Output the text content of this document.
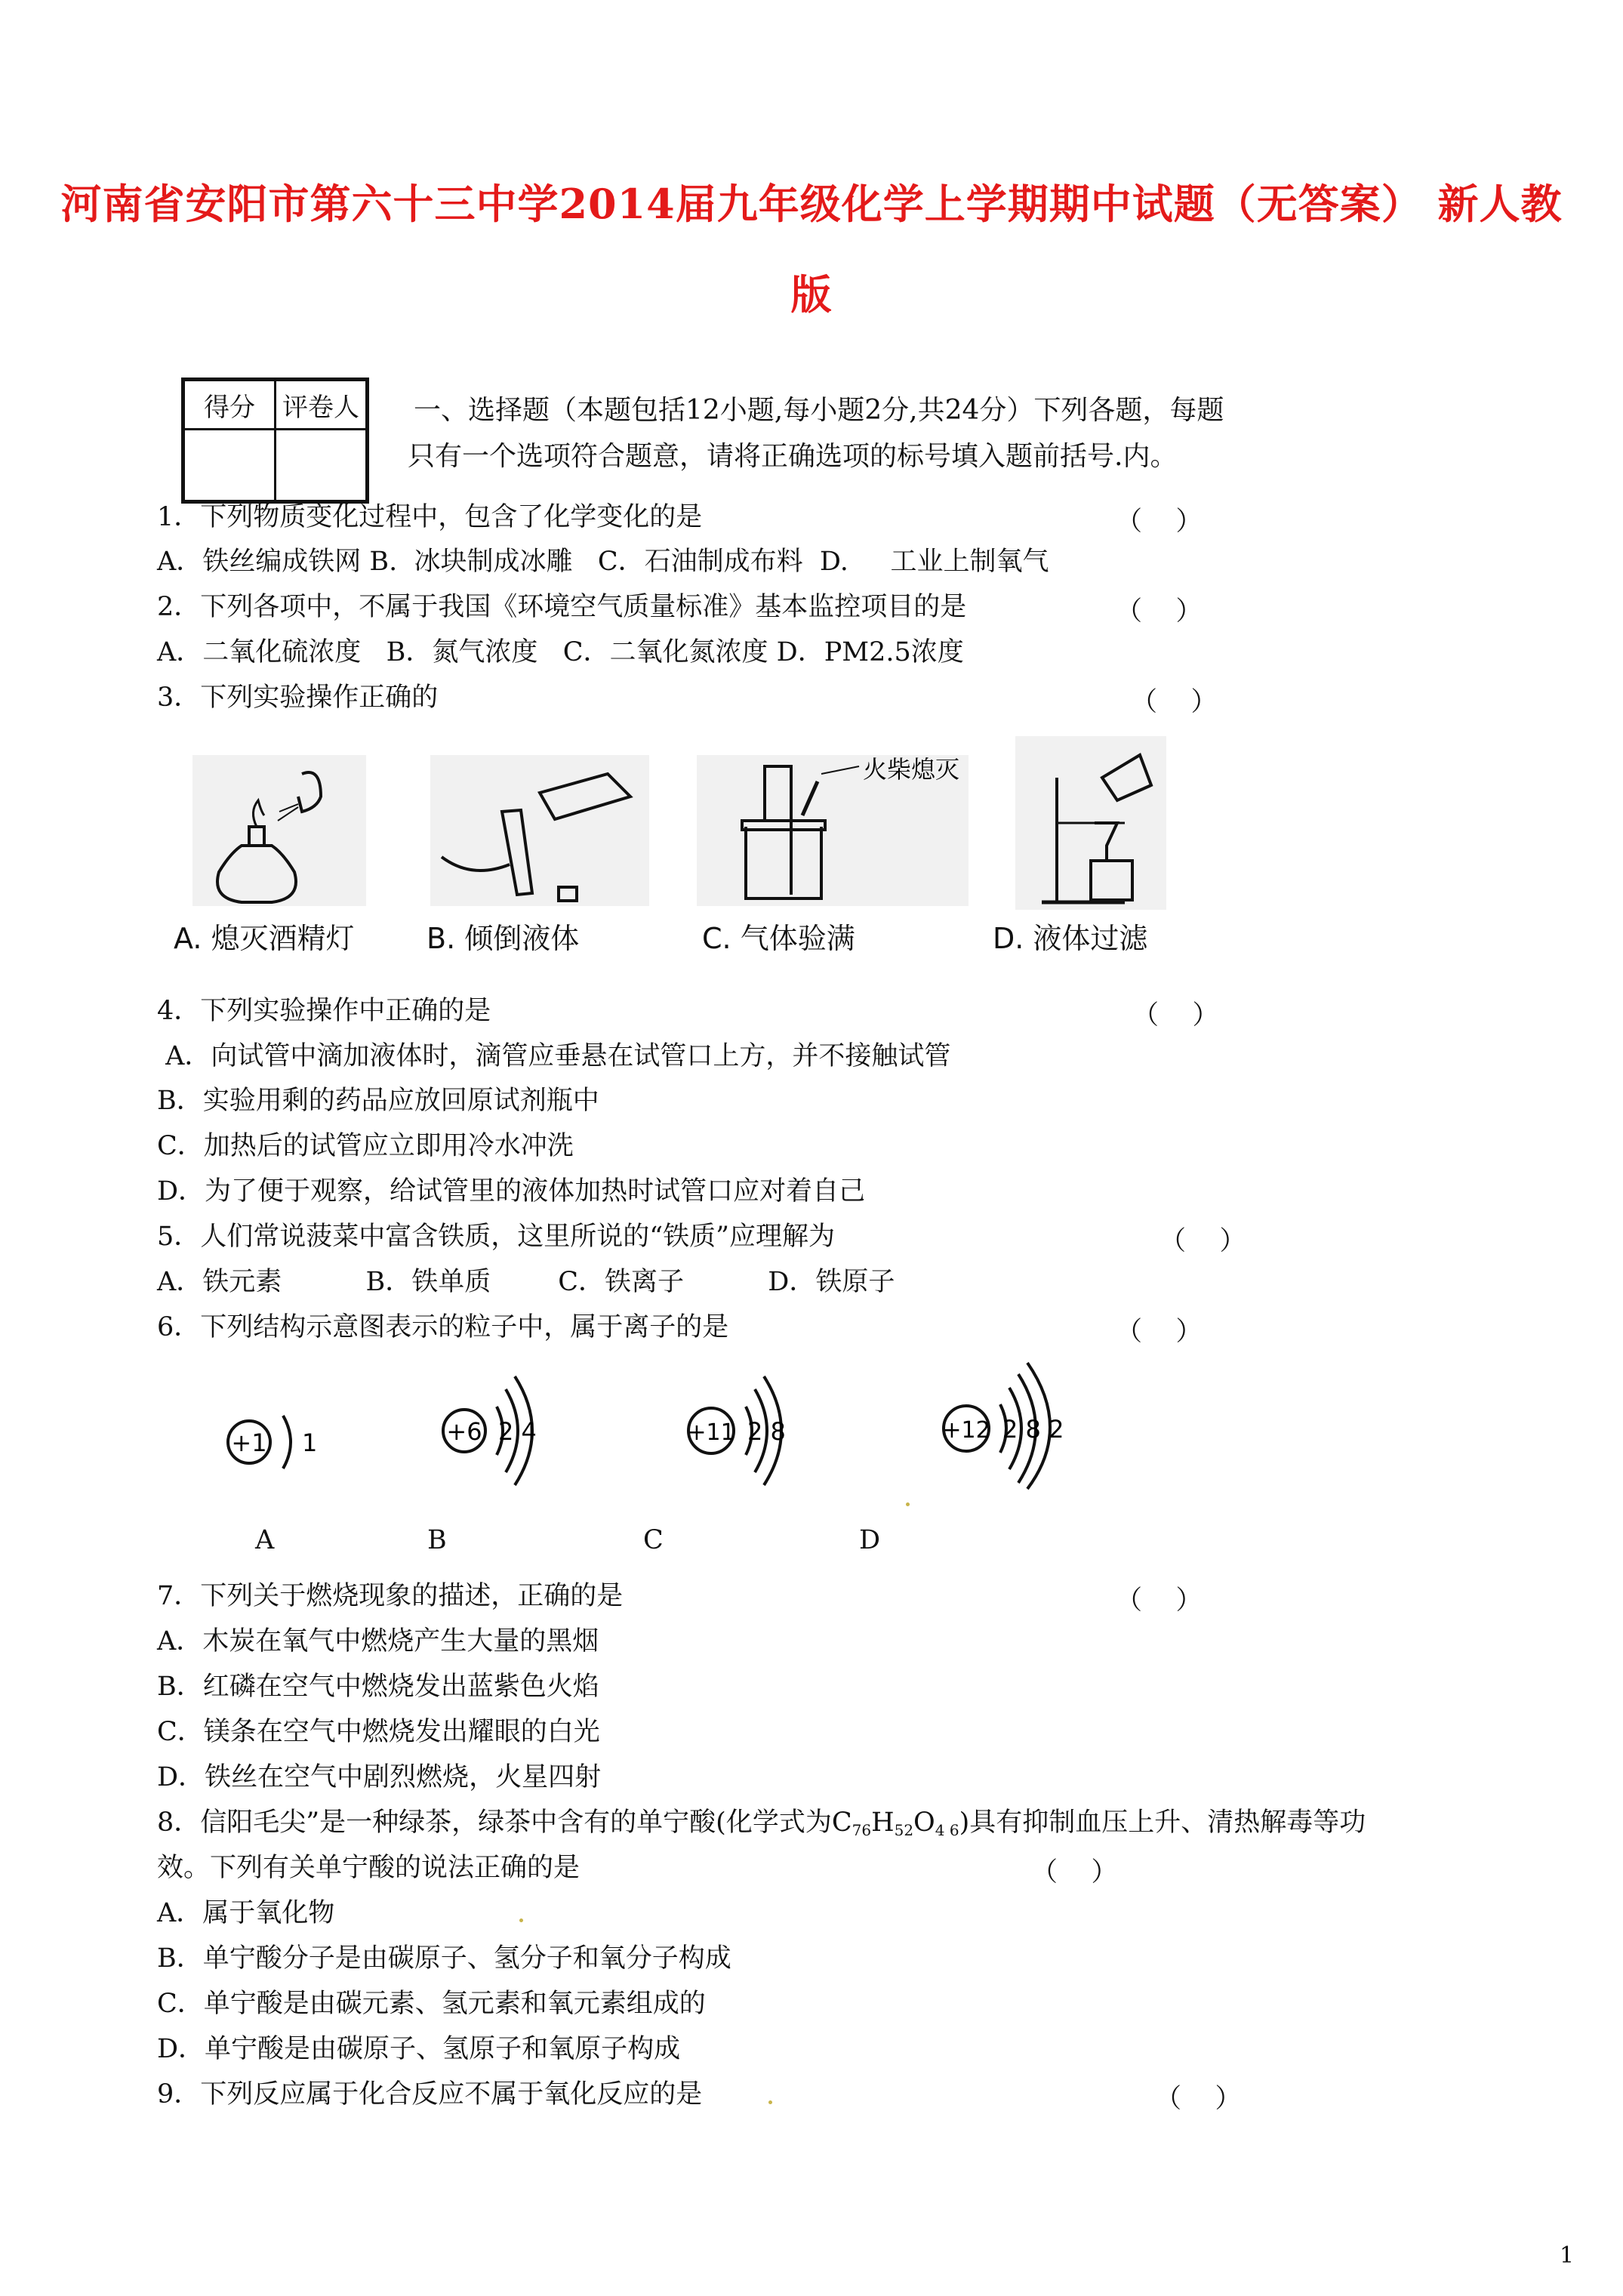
河南省安阳市第六十三中学2014届九年级化学上学期期中试题（无答案） 新人教
版
得分	评卷人
	一、选择题（本题包括12小题,每小题2分,共24分）下列各题，每题
只有一个选项符合题意，请将正确选项的标号填入题前括号.内。
1．下列物质变化过程中，包含了化学变化的是	（    ）
A．铁丝编成铁网 B.  冰块制成冰雕   C．石油制成布料  D.     工业上制氧气
2．下列各项中，不属于我国《环境空气质量标准》基本监控项目的是	（    ）
A．二氧化硫浓度   B．氮气浓度   C．二氧化氮浓度 D．PM2.5浓度
3．下列实验操作正确的	（    ）
火柴熄灭
A. 熄灭酒精灯	B. 倾倒液体	C. 气体验满	D. 液体过滤
4．下列实验操作中正确的是	（    ）
A．向试管中滴加液体时，滴管应垂悬在试管口上方，并不接触试管
B．实验用剩的药品应放回原试剂瓶中
C．加热后的试管应立即用冷水冲洗
D．为了便于观察，给试管里的液体加热时试管口应对着自己
5．人们常说菠菜中富含铁质，这里所说的“铁质”应理解为	（    ）
A．铁元素          B．铁单质        C．铁离子          D．铁原子
6．下列结构示意图表示的粒子中，属于离子的是	（    ）
+1 1	+6 2 4	+11 2 8	+12 2 8 2
A	B	C	D
7．下列关于燃烧现象的描述，正确的是	（    ）
A．木炭在氧气中燃烧产生大量的黑烟
B．红磷在空气中燃烧发出蓝紫色火焰
C．镁条在空气中燃烧发出耀眼的白光
D．铁丝在空气中剧烈燃烧，火星四射
8．信阳毛尖”是一种绿茶，绿茶中含有的单宁酸(化学式为$C_{76}H_{52}O_{4 6}$)具有抑制血压上升、清热解毒等功
效。下列有关单宁酸的说法正确的是	（    ）
A．属于氧化物
B．单宁酸分子是由碳原子、氢分子和氧分子构成
C．单宁酸是由碳元素、氢元素和氧元素组成的
D．单宁酸是由碳原子、氢原子和氧原子构成
9．下列反应属于化合反应不属于氧化反应的是	（    ）
1
